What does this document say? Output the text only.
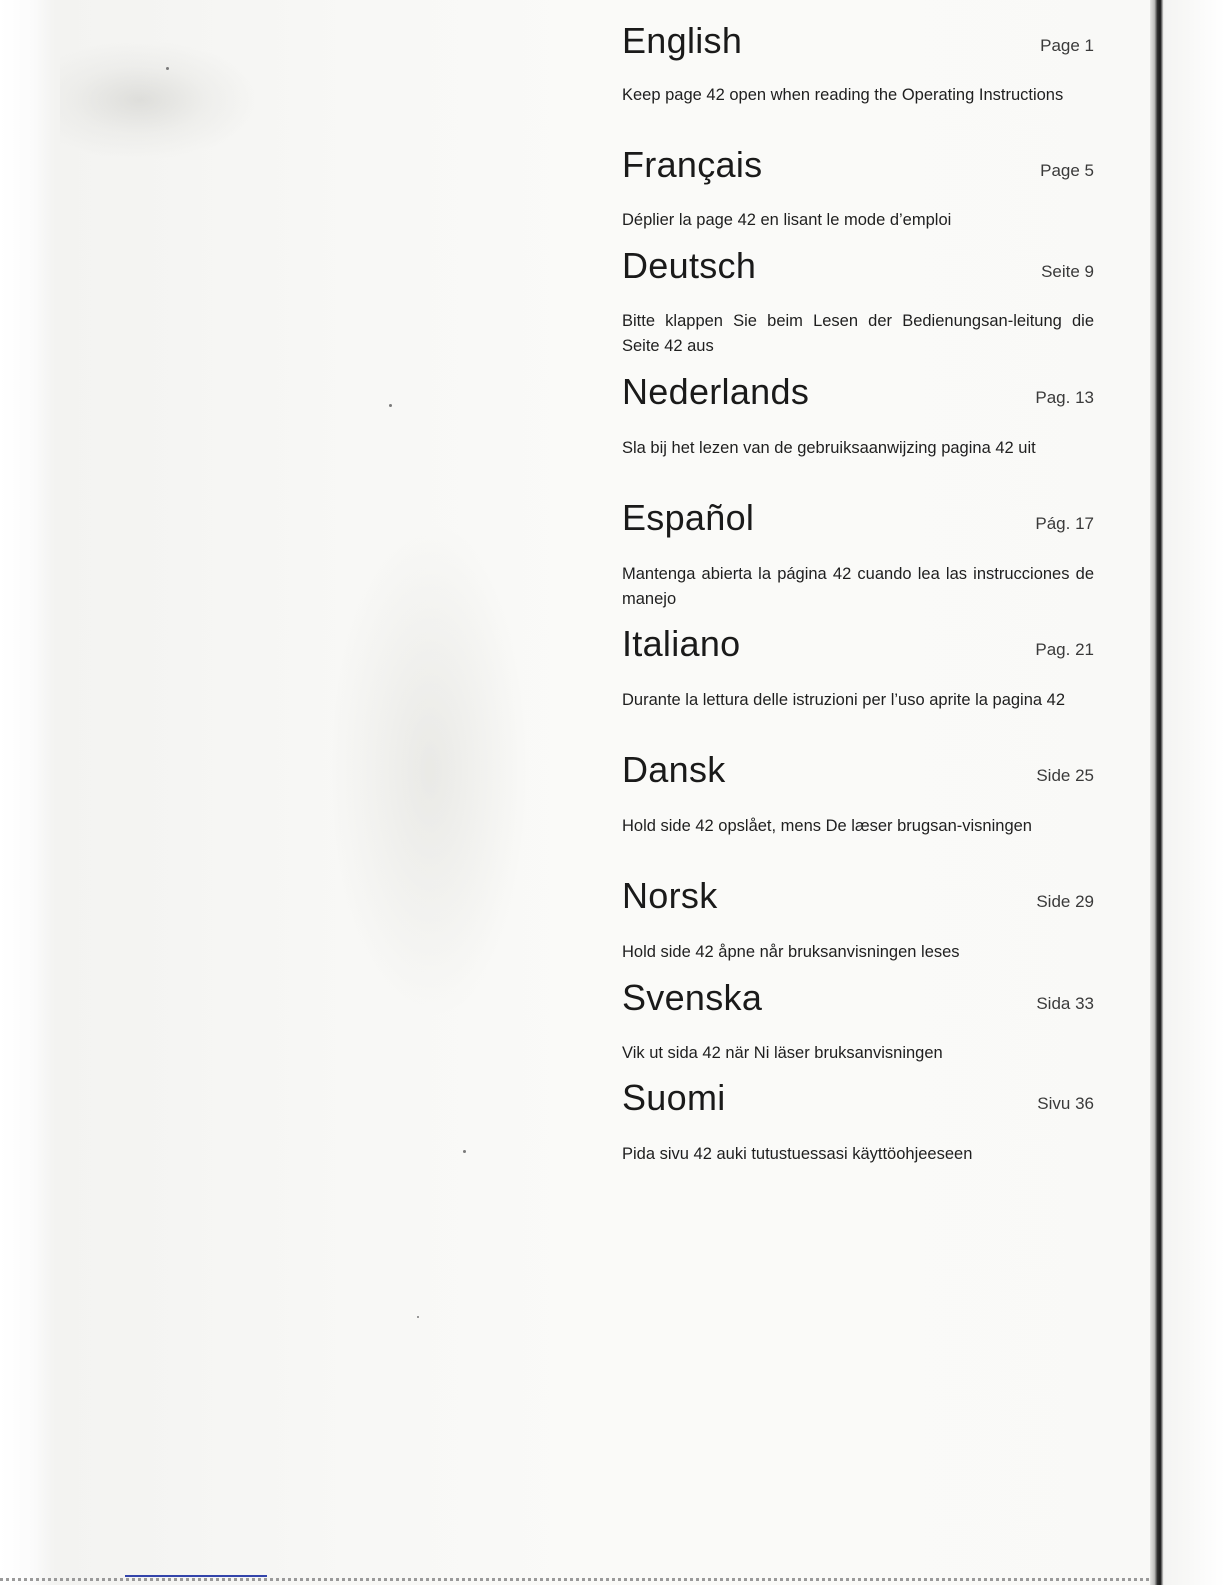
English	Page 1
Keep page 42 open when reading the Operating Instructions
Français	Page 5
Déplier la page 42 en lisant le mode d’emploi
Deutsch	Seite 9
Bitte klappen Sie beim Lesen der Bedienungsan-leitung die Seite 42 aus
Nederlands	Pag. 13
Sla bij het lezen van de gebruiksaanwijzing pagina 42 uit
Español	Pág. 17
Mantenga abierta la página 42 cuando lea las instrucciones de manejo
Italiano	Pag. 21
Durante la lettura delle istruzioni per l’uso aprite la pagina 42
Dansk	Side 25
Hold side 42 opslået, mens De læser brugsan-visningen
Norsk	Side 29
Hold side 42 åpne når bruksanvisningen leses
Svenska	Sida 33
Vik ut sida 42 när Ni läser bruksanvisningen
Suomi	Sivu 36
Pida sivu 42 auki tutustuessasi käyttöohjeeseen
